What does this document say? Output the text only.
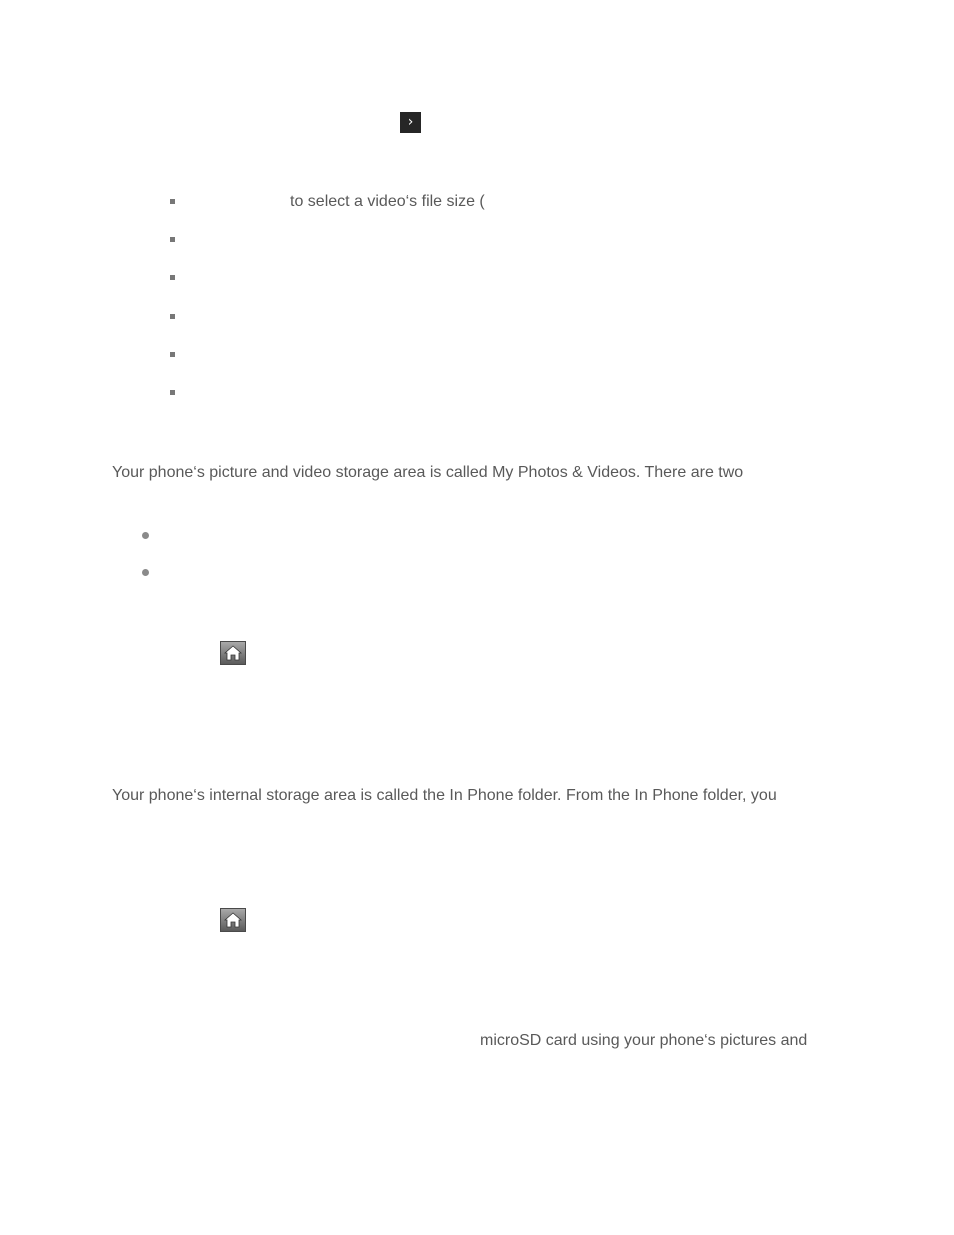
›
to select a video‘s file size (
Your phone‘s picture and video storage area is called My Photos & Videos. There are two
Your phone‘s internal storage area is called the In Phone folder. From the In Phone folder, you
microSD card using your phone‘s pictures and
